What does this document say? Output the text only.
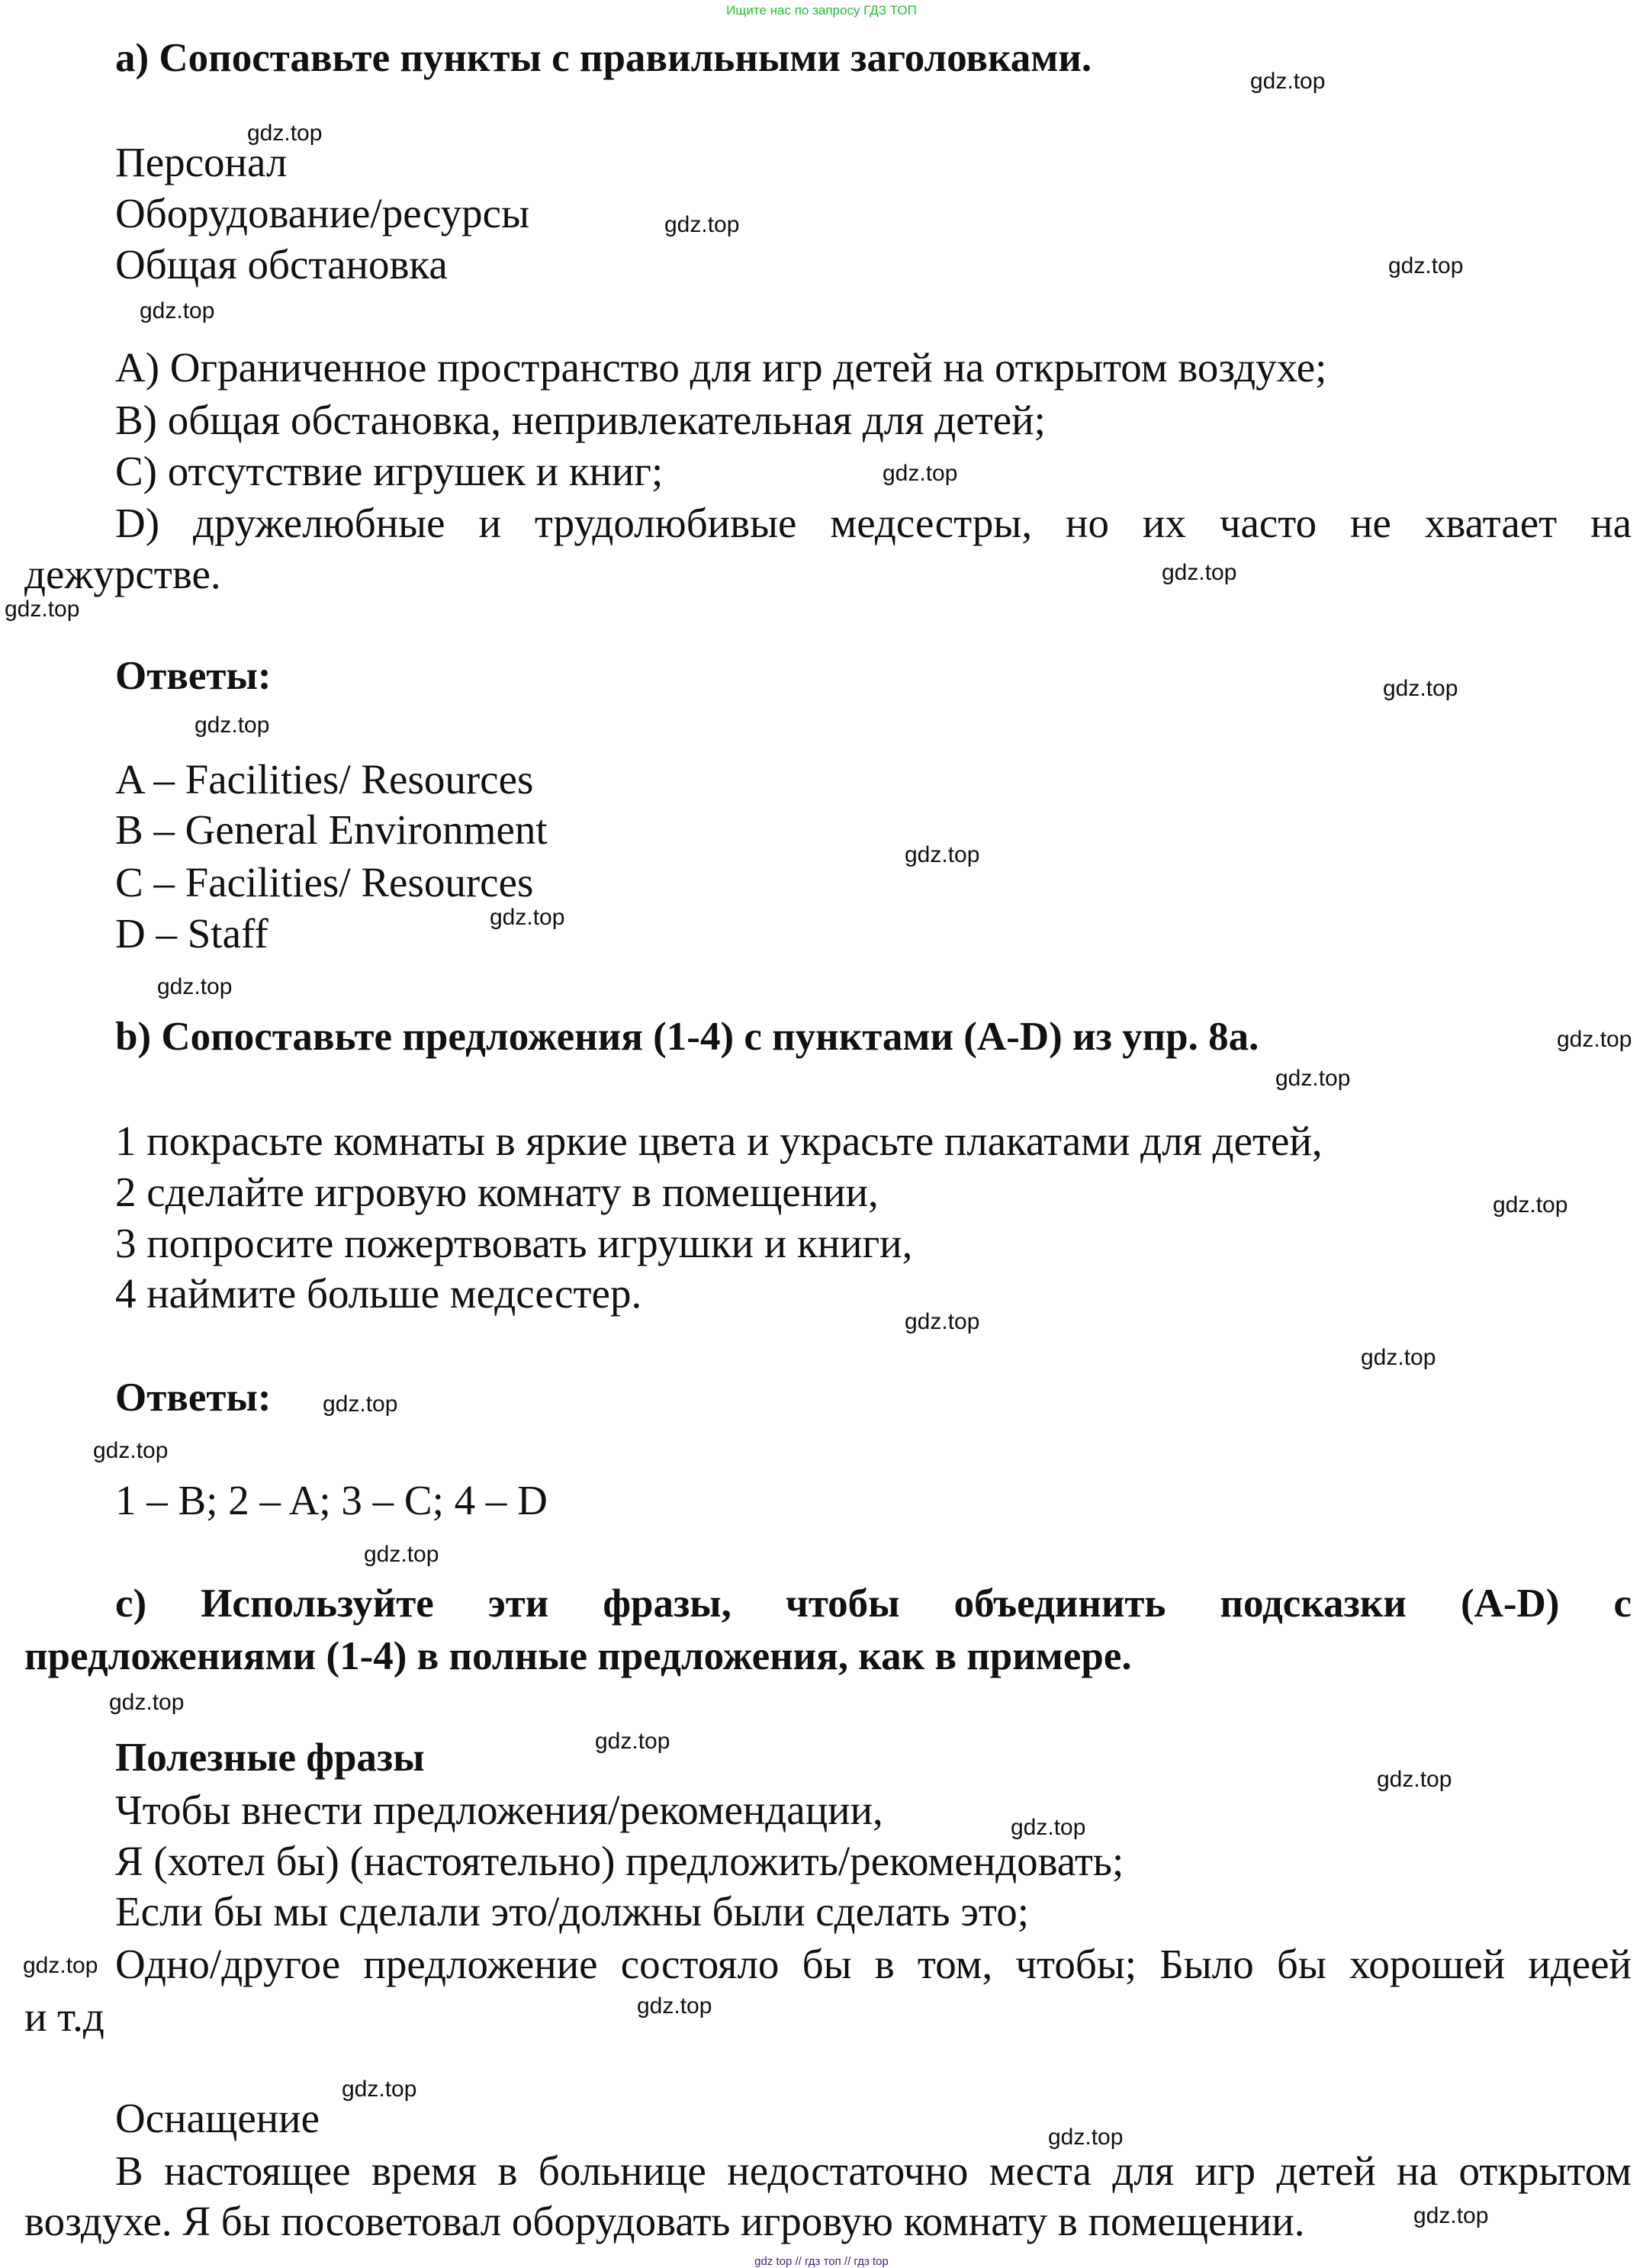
Ищите нас по запросу ГДЗ ТОП
a) Сопоставьте пункты с правильными заголовками.
Персонал
Оборудование/ресурсы
Общая обстановка
A) Ограниченное пространство для игр детей на открытом воздухе;
B) общая обстановка, непривлекательная для детей;
C) отсутствие игрушек и книг;
D) дружелюбные и трудолюбивые медсестры, но их часто не хватает на
дежурстве.
Ответы:
A – Facilities/ Resources
B – General Environment
C – Facilities/ Resources
D – Staff
b) Сопоставьте предложения (1-4) с пунктами (A-D) из упр. 8a.
1 покрасьте комнаты в яркие цвета и украсьте плакатами для детей,
2 сделайте игровую комнату в помещении,
3 попросите пожертвовать игрушки и книги,
4 наймите больше медсестер.
Ответы:
1 – B; 2 – A; 3 – C; 4 – D
c) Используйте эти фразы, чтобы объединить подсказки (A-D) с
предложениями (1-4) в полные предложения, как в примере.
Полезные фразы
Чтобы внести предложения/рекомендации,
Я (хотел бы) (настоятельно) предложить/рекомендовать;
Если бы мы сделали это/должны были сделать это;
Одно/другое предложение состояло бы в том, чтобы; Было бы хорошей идеей
и т.д
Оснащение
В настоящее время в больнице недостаточно места для игр детей на открытом
воздухе. Я бы посоветовал оборудовать игровую комнату в помещении.
gdz.top
gdz.top
gdz.top
gdz.top
gdz.top
gdz.top
gdz.top
gdz.top
gdz.top
gdz.top
gdz.top
gdz.top
gdz.top
gdz.top
gdz.top
gdz.top
gdz.top
gdz.top
gdz.top
gdz.top
gdz.top
gdz.top
gdz.top
gdz.top
gdz.top
gdz.top
gdz.top
gdz.top
gdz.top
gdz.top
gdz top // гдз топ // гдз top
